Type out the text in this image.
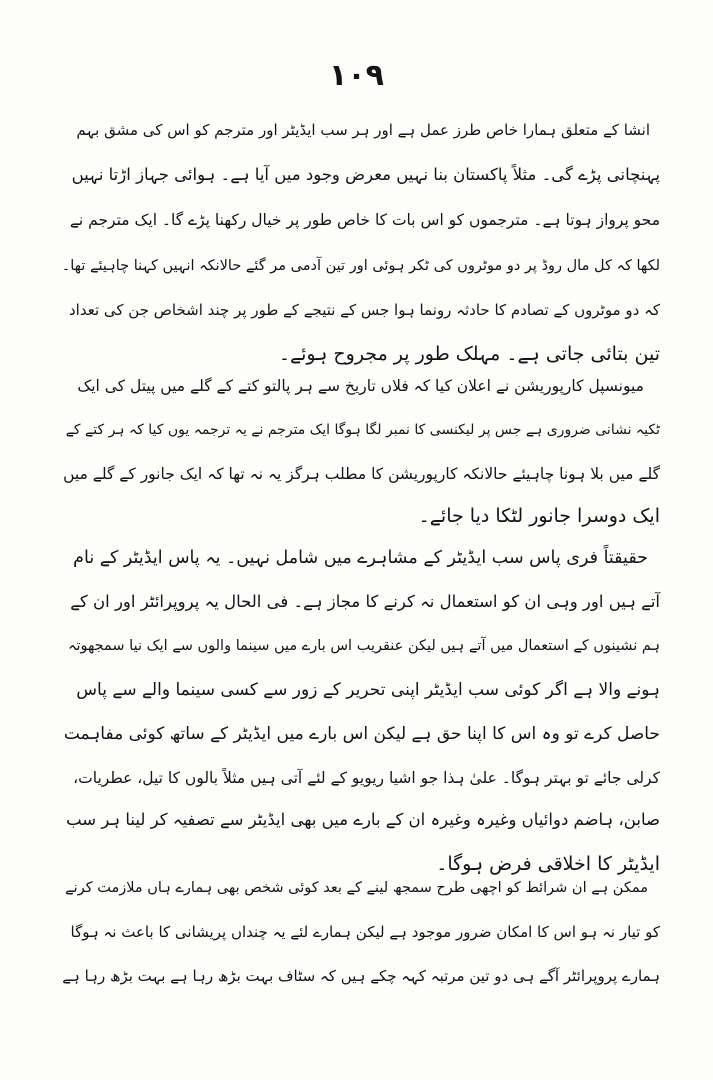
۱۰۹
انشا کے متعلق ہمارا خاص طرز عمل ہے اور ہر سب ایڈیٹر اور مترجم کو اس کی مشق بہم
پہنچانی پڑے گی۔ مثلاً پاکستان بنا نہیں معرض وجود میں آیا ہے۔ ہوائی جہاز اڑتا نہیں
محو پرواز ہوتا ہے۔ مترجموں کو اس بات کا خاص طور پر خیال رکھنا پڑے گا۔ ایک مترجم نے
لکھا کہ کل مال روڈ پر دو موٹروں کی ٹکر ہوئی اور تین آدمی مر گئے حالانکہ انہیں کہنا چاہیئے تھا۔
کہ دو موٹروں کے تصادم کا حادثہ رونما ہوا جس کے نتیجے کے طور پر چند اشخاص جن کی تعداد
تین بتائی جاتی ہے۔ مہلک طور پر مجروح ہوئے۔
میونسپل کارپوریشن نے اعلان کیا کہ فلاں تاریخ سے ہر پالتو کتے کے گلے میں پیتل کی ایک
ٹکیہ نشانی ضروری ہے جس پر لیکنسی کا نمبر لگا ہوگا ایک مترجم نے یہ ترجمہ یوں کیا کہ ہر کتے کے
گلے میں بلا ہونا چاہیئے حالانکہ کارپوریشن کا مطلب ہرگز یہ نہ تھا کہ ایک جانور کے گلے میں
ایک دوسرا جانور لٹکا دیا جائے۔
حقیقتاً فری پاس سب ایڈیٹر کے مشاہرے میں شامل نہیں۔ یہ پاس ایڈیٹر کے نام
آتے ہیں اور وہی ان کو استعمال نہ کرنے کا مجاز ہے۔ فی الحال یہ پروپرائٹر اور ان کے
ہم نشینوں کے استعمال میں آتے ہیں لیکن عنقریب اس بارے میں سینما والوں سے ایک نیا سمجھوتہ
ہونے والا ہے اگر کوئی سب ایڈیٹر اپنی تحریر کے زور سے کسی سینما والے سے پاس
حاصل کرے تو وہ اس کا اپنا حق ہے لیکن اس بارے میں ایڈیٹر کے ساتھ کوئی مفاہمت
کرلی جائے تو بہتر ہوگا۔ علیٰ ہذا جو اشیا ریویو کے لئے آتی ہیں مثلاً بالوں کا تیل، عطریات،
صابن، ہاضم دوائیاں وغیرہ وغیرہ ان کے بارے میں بھی ایڈیٹر سے تصفیہ کر لینا ہر سب
ایڈیٹر کا اخلاقی فرض ہوگا۔
ممکن ہے ان شرائط کو اچھی طرح سمجھ لینے کے بعد کوئی شخص بھی ہمارے ہاں ملازمت کرنے
کو تیار نہ ہو اس کا امکان ضرور موجود ہے لیکن ہمارے لئے یہ چنداں پریشانی کا باعث نہ ہوگا
ہمارے پروپرائٹر آگے ہی دو تین مرتبہ کہہ چکے ہیں کہ سٹاف بہت بڑھ رہا ہے بہت بڑھ رہا ہے
